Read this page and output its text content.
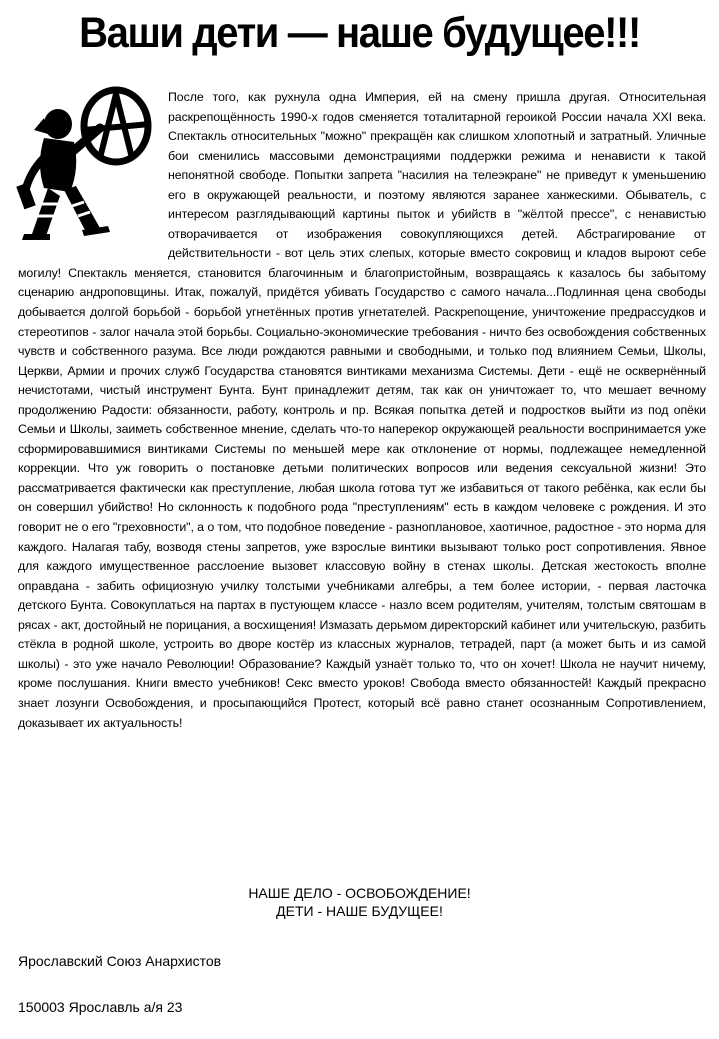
Ваши дети — наше будущее!!!

После того, как рухнула одна Империя, ей на смену пришла другая. Относительная раскрепощённость 1990-х годов сменяется тоталитарной героикой России начала XXI века. Спектакль относительных "можно" прекращён как слишком хлопотный и затратный. Уличные бои сменились массовыми демонстрациями поддержки режима и ненависти к такой непонятной свободе. Попытки запрета "насилия на телеэкране" не приведут к уменьшению его в окружающей реальности, и поэтому являются заранее ханжескими. Обыватель, с интересом разглядывающий картины пыток и убийств в "жёлтой прессе", с ненавистью отворачивается от изображения совокупляющихся детей. Абстрагирование от действительности - вот цель этих слепых, которые вместо сокровищ и кладов выроют себе могилу! Спектакль меняется, становится благочинным и благопристойным, возвращаясь к казалось бы забытому сценарию андроповщины. Итак, пожалуй, придётся убивать Государство с самого начала...Подлинная цена свободы добывается долгой борьбой - борьбой угнетённых против угнетателей. Раскрепощение, уничтожение предрассудков и стереотипов - залог начала этой борьбы. Социально-экономические требования - ничто без освобождения собственных чувств и собственного разума. Все люди рождаются равными и свободными, и только под влиянием Семьи, Школы, Церкви, Армии и прочих служб Государства становятся винтиками механизма Системы. Дети - ещё не осквернённый нечистотами, чистый инструмент Бунта. Бунт принадлежит детям, так как он уничтожает то, что мешает вечному продолжению Радости: обязанности, работу, контроль и пр. Всякая попытка детей и подростков выйти из под опёки Семьи и Школы, заиметь собственное мнение, сделать что-то наперекор окружающей реальности воспринимается уже сформировавшимися винтиками Системы по меньшей мере как отклонение от нормы, подлежащее немедленной коррекции. Что уж говорить о постановке детьми политических вопросов или ведения сексуальной жизни! Это рассматривается фактически как преступление, любая школа готова тут же избавиться от такого ребёнка, как если бы он совершил убийство! Но склонность к подобного рода "преступлениям" есть в каждом человеке с рождения. И это говорит не о его "греховности", а о том, что подобное поведение - разноплановое, хаотичное, радостное - это норма для каждого. Налагая табу, возводя стены запретов, уже взрослые винтики вызывают только рост сопротивления. Явное для каждого имущественное расслоение вызовет классовую войну в стенах школы. Детская жестокость вполне оправдана - забить официозную училку толстыми учебниками алгебры, а тем более истории, - первая ласточка детского Бунта. Совокуплаться на партах в пустующем классе - назло всем родителям, учителям, толстым святошам в рясах - акт, достойный не порицания, а восхищения! Измазать дерьмом директорский кабинет или учительскую, разбить стёкла в родной школе, устроить во дворе костёр из классных журналов, тетрадей, парт (а может быть и из самой школы) - это уже начало Революции! Образование? Каждый узнаёт только то, что он хочет! Школа не научит ничему, кроме послушания. Книги вместо учебников! Секс вместо уроков! Свобода вместо обязанностей! Каждый прекрасно знает лозунги Освобождения, и просыпающийся Протест, который всё равно станет осознанным Сопротивлением, доказывает их актуальность!

НАШЕ ДЕЛО - ОСВОБОЖДЕНИЕ!
ДЕТИ - НАШЕ БУДУЩЕЕ!
Ярославский Союз Анархистов
150003 Ярославль а/я 23
